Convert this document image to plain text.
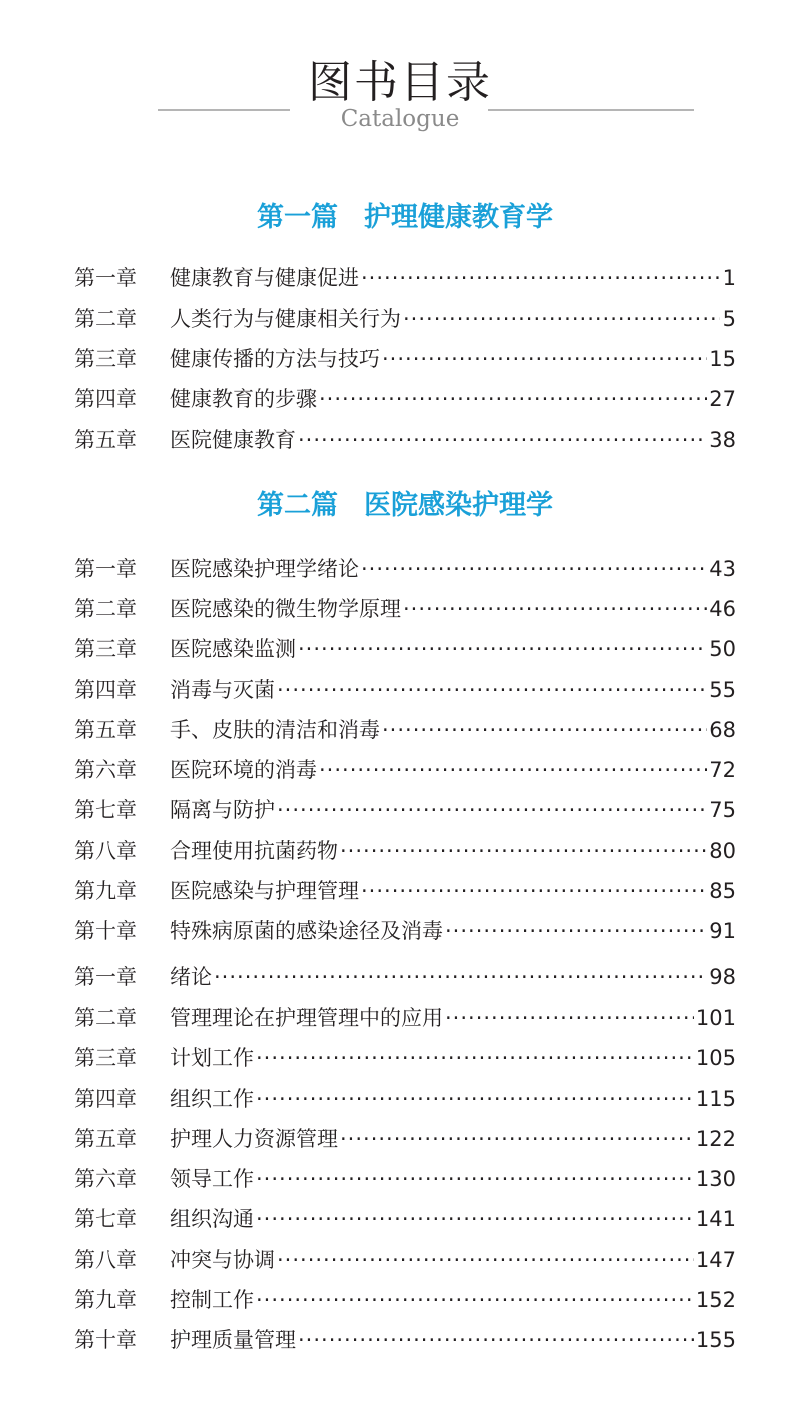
图书目录
Catalogue
第一篇 护理健康教育学
第二篇 医院感染护理学
第一章	健康教育与健康促进 ·····	1
第二章	人类行为与健康相关行为 ·····	5
第三章	健康传播的方法与技巧 ·····	15
第四章	健康教育的步骤 ·····	27
第五章	医院健康教育 ·····	38
第一章	医院感染护理学绪论 ·····	43
第二章	医院感染的微生物学原理 ·····	46
第三章	医院感染监测 ·····	50
第四章	消毒与灭菌 ·····	55
第五章	手、皮肤的清洁和消毒 ·····	68
第六章	医院环境的消毒 ·····	72
第七章	隔离与防护 ·····	75
第八章	合理使用抗菌药物 ·····	80
第九章	医院感染与护理管理 ·····	85
第十章	特殊病原菌的感染途径及消毒 ·····	91
第一章	绪论 ·····	98
第二章	管理理论在护理管理中的应用 ·····	101
第三章	计划工作 ·····	105
第四章	组织工作 ·····	115
第五章	护理人力资源管理 ·····	122
第六章	领导工作 ·····	130
第七章	组织沟通 ·····	141
第八章	冲突与协调 ·····	147
第九章	控制工作 ·····	152
第十章	护理质量管理 ·····	155
